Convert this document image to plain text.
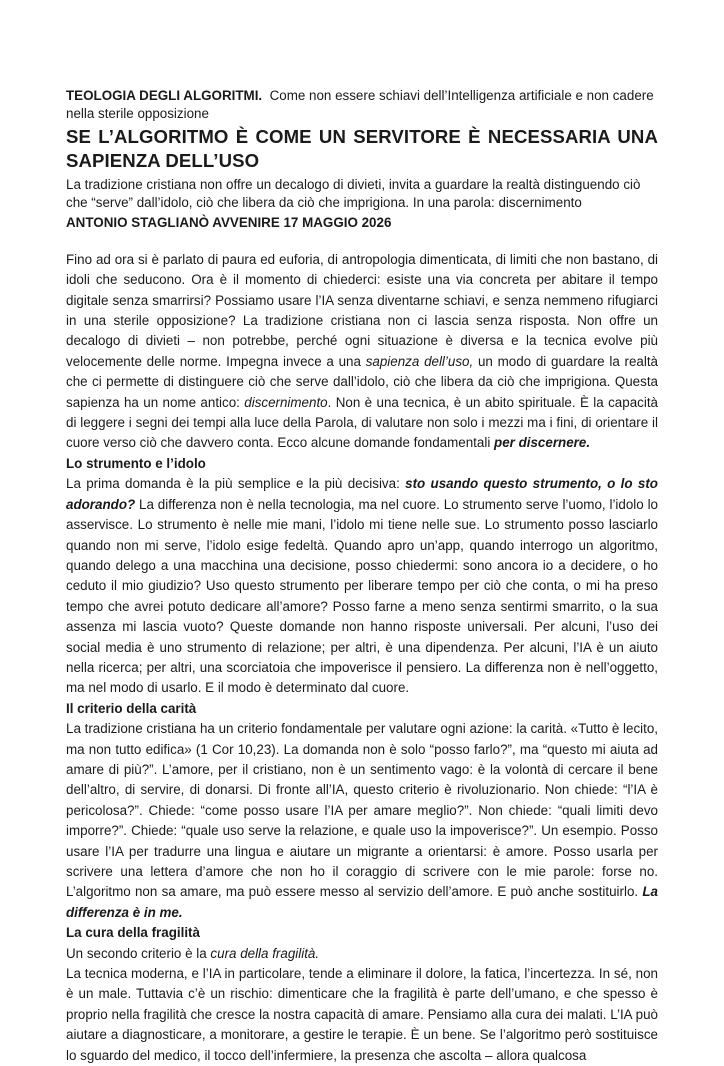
TEOLOGIA DEGLI ALGORITMI. Come non essere schiavi dell’Intelligenza artificiale e non cadere nella sterile opposizione

SE L’ALGORITMO È COME UN SERVITORE È NECESSARIA UNA SAPIENZA DELL’USO

La tradizione cristiana non offre un decalogo di divieti, invita a guardare la realtà distinguendo ciò che “serve” dall’idolo, ciò che libera da ciò che imprigiona. In una parola: discernimento

ANTONIO STAGLIANÒ AVVENIRE 17 MAGGIO 2026

Fino ad ora si è parlato di paura ed euforia, di antropologia dimenticata, di limiti che non bastano, di idoli che seducono. Ora è il momento di chiederci: esiste una via concreta per abitare il tempo digitale senza smarrirsi? Possiamo usare l’IA senza diventarne schiavi, e senza nemmeno rifugiarci in una sterile opposizione? La tradizione cristiana non ci lascia senza risposta. Non offre un decalogo di divieti – non potrebbe, perché ogni situazione è diversa e la tecnica evolve più velocemente delle norme. Impegna invece a una sapienza dell’uso, un modo di guardare la realtà che ci permette di distinguere ciò che serve dall’idolo, ciò che libera da ciò che imprigiona. Questa sapienza ha un nome antico: discernimento. Non è una tecnica, è un abito spirituale. È la capacità di leggere i segni dei tempi alla luce della Parola, di valutare non solo i mezzi ma i fini, di orientare il cuore verso ciò che davvero conta. Ecco alcune domande fondamentali per discernere.

Lo strumento e l’idolo

La prima domanda è la più semplice e la più decisiva: sto usando questo strumento, o lo sto adorando? La differenza non è nella tecnologia, ma nel cuore. Lo strumento serve l’uomo, l’idolo lo asservisce. Lo strumento è nelle mie mani, l’idolo mi tiene nelle sue. Lo strumento posso lasciarlo quando non mi serve, l’idolo esige fedeltà. Quando apro un’app, quando interrogo un algoritmo, quando delego a una macchina una decisione, posso chiedermi: sono ancora io a decidere, o ho ceduto il mio giudizio? Uso questo strumento per liberare tempo per ciò che conta, o mi ha preso tempo che avrei potuto dedicare all’amore? Posso farne a meno senza sentirmi smarrito, o la sua assenza mi lascia vuoto? Queste domande non hanno risposte universali. Per alcuni, l’uso dei social media è uno strumento di relazione; per altri, è una dipendenza. Per alcuni, l’IA è un aiuto nella ricerca; per altri, una scorciatoia che impoverisce il pensiero. La differenza non è nell’oggetto, ma nel modo di usarlo. E il modo è determinato dal cuore.

Il criterio della carità

La tradizione cristiana ha un criterio fondamentale per valutare ogni azione: la carità. «Tutto è lecito, ma non tutto edifica» (1 Cor 10,23). La domanda non è solo “posso farlo?”, ma “questo mi aiuta ad amare di più?”. L’amore, per il cristiano, non è un sentimento vago: è la volontà di cercare il bene dell’altro, di servire, di donarsi. Di fronte all’IA, questo criterio è rivoluzionario. Non chiede: “l’IA è pericolosa?”. Chiede: “come posso usare l’IA per amare meglio?”. Non chiede: “quali limiti devo imporre?”. Chiede: “quale uso serve la relazione, e quale uso la impoverisce?”. Un esempio. Posso usare l’IA per tradurre una lingua e aiutare un migrante a orientarsi: è amore. Posso usarla per scrivere una lettera d’amore che non ho il coraggio di scrivere con le mie parole: forse no. L’algoritmo non sa amare, ma può essere messo al servizio dell’amore. E può anche sostituirlo. La differenza è in me.

La cura della fragilità

Un secondo criterio è la cura della fragilità.

La tecnica moderna, e l’IA in particolare, tende a eliminare il dolore, la fatica, l’incertezza. In sé, non è un male. Tuttavia c’è un rischio: dimenticare che la fragilità è parte dell’umano, e che spesso è proprio nella fragilità che cresce la nostra capacità di amare. Pensiamo alla cura dei malati. L’IA può aiutare a diagnosticare, a monitorare, a gestire le terapie. È un bene. Se l’algoritmo però sostituisce lo sguardo del medico, il tocco dell’infermiere, la presenza che ascolta – allora qualcosa
